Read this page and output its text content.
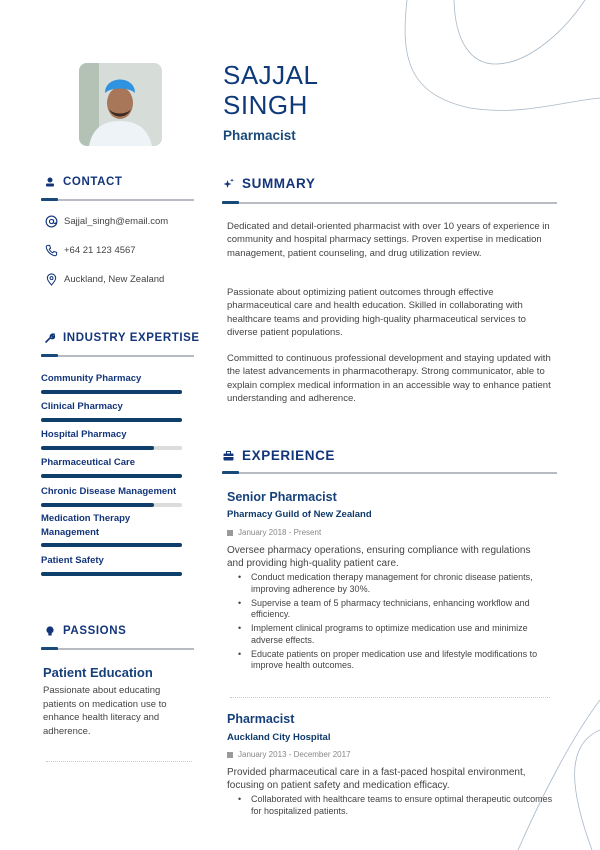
SAJJAL
SINGH
Pharmacist
CONTACT
Sajjal_singh@email.com
+64 21 123 4567
Auckland, New Zealand
INDUSTRY EXPERTISE
Community Pharmacy
Clinical Pharmacy
Hospital Pharmacy
Pharmaceutical Care
Chronic Disease Management
Medication Therapy Management
Patient Safety
PASSIONS
Patient Education
Passionate about educating patients on medication use to enhance health literacy and adherence.
SUMMARY
Dedicated and detail-oriented pharmacist with over 10 years of experience in community and hospital pharmacy settings. Proven expertise in medication management, patient counseling, and drug utilization review.
Passionate about optimizing patient outcomes through effective pharmaceutical care and health education. Skilled in collaborating with healthcare teams and providing high-quality pharmaceutical services to diverse patient populations.
Committed to continuous professional development and staying updated with the latest advancements in pharmacotherapy. Strong communicator, able to explain complex medical information in an accessible way to enhance patient understanding and adherence.
EXPERIENCE
Senior Pharmacist
Pharmacy Guild of New Zealand
January 2018 - Present
Oversee pharmacy operations, ensuring compliance with regulations and providing high-quality patient care.
• Conduct medication therapy management for chronic disease patients, improving adherence by 30%.
• Supervise a team of 5 pharmacy technicians, enhancing workflow and efficiency.
• Implement clinical programs to optimize medication use and minimize adverse effects.
• Educate patients on proper medication use and lifestyle modifications to improve health outcomes.
Pharmacist
Auckland City Hospital
January 2013 - December 2017
Provided pharmaceutical care in a fast-paced hospital environment, focusing on patient safety and medication efficacy.
• Collaborated with healthcare teams to ensure optimal therapeutic outcomes for hospitalized patients.
